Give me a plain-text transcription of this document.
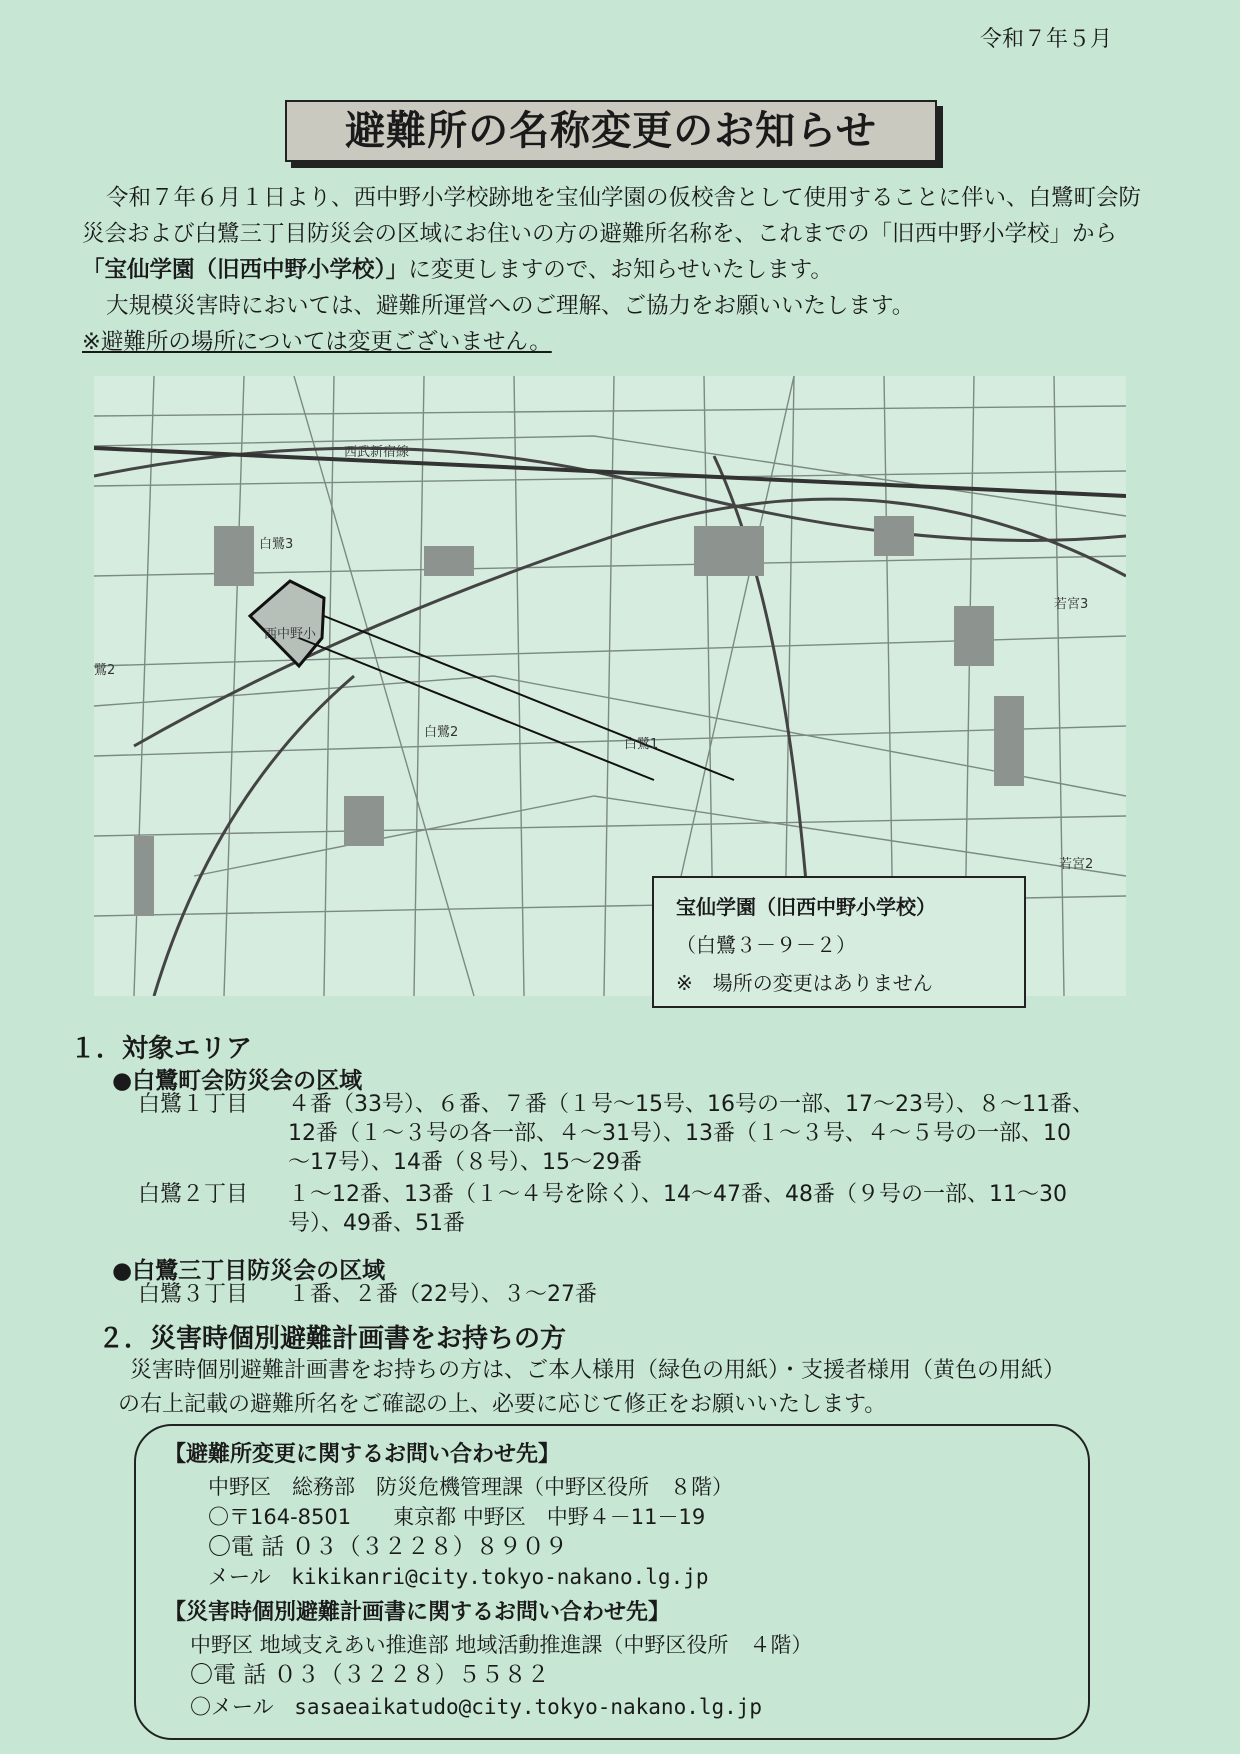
令和７年５月
避難所の名称変更のお知らせ

令和７年６月１日より、西中野小学校跡地を宝仙学園の仮校舎として使用することに伴い、白鷺町会防災会および白鷺三丁目防災会の区域にお住いの方の避難所名称を、これまでの「旧西中野小学校」から「宝仙学園（旧西中野小学校）」に変更しますので、お知らせいたします。

大規模災害時においては、避難所運営へのご理解、ご協力をお願いいたします。

※避難所の場所については変更ございません。

西武新宿線
白鷺3
白鷺2
白鷺1
西中野小
若宮3
若宮2
鷺2
宝仙学園（旧西中野小学校）
（白鷺３－９－２）
※　場所の変更はありません
１．対象エリア
●白鷺町会防災会の区域
白鷺１丁目 ４番（33号）、６番、７番（１号～15号、16号の一部、17～23号）、８～11番、
12番（１～３号の各一部、４～31号）、13番（１～３号、４～５号の一部、10
～17号）、14番（８号）、15～29番
白鷺２丁目 １～12番、13番（１～４号を除く）、14～47番、48番（９号の一部、11～30
号）、49番、51番
●白鷺三丁目防災会の区域
白鷺３丁目 １番、２番（22号）、３～27番
２．災害時個別避難計画書をお持ちの方

災害時個別避難計画書をお持ちの方は、ご本人様用（緑色の用紙）・支援者様用（黄色の用紙）

の右上記載の避難所名をご確認の上、必要に応じて修正をお願いいたします。

【避難所変更に関するお問い合わせ先】
中野区　総務部　防災危機管理課（中野区役所　８階）
〇〒164-8501　　東京都 中野区　中野４－11－19
〇電 話 ０３（３２２８）８９０９
メール kikikanri@city.tokyo-nakano.lg.jp
【災害時個別避難計画書に関するお問い合わせ先】
中野区 地域支えあい推進部 地域活動推進課（中野区役所　４階）
〇電 話 ０３（３２２８）５５８２
〇メール sasaeaikatudo@city.tokyo-nakano.lg.jp
